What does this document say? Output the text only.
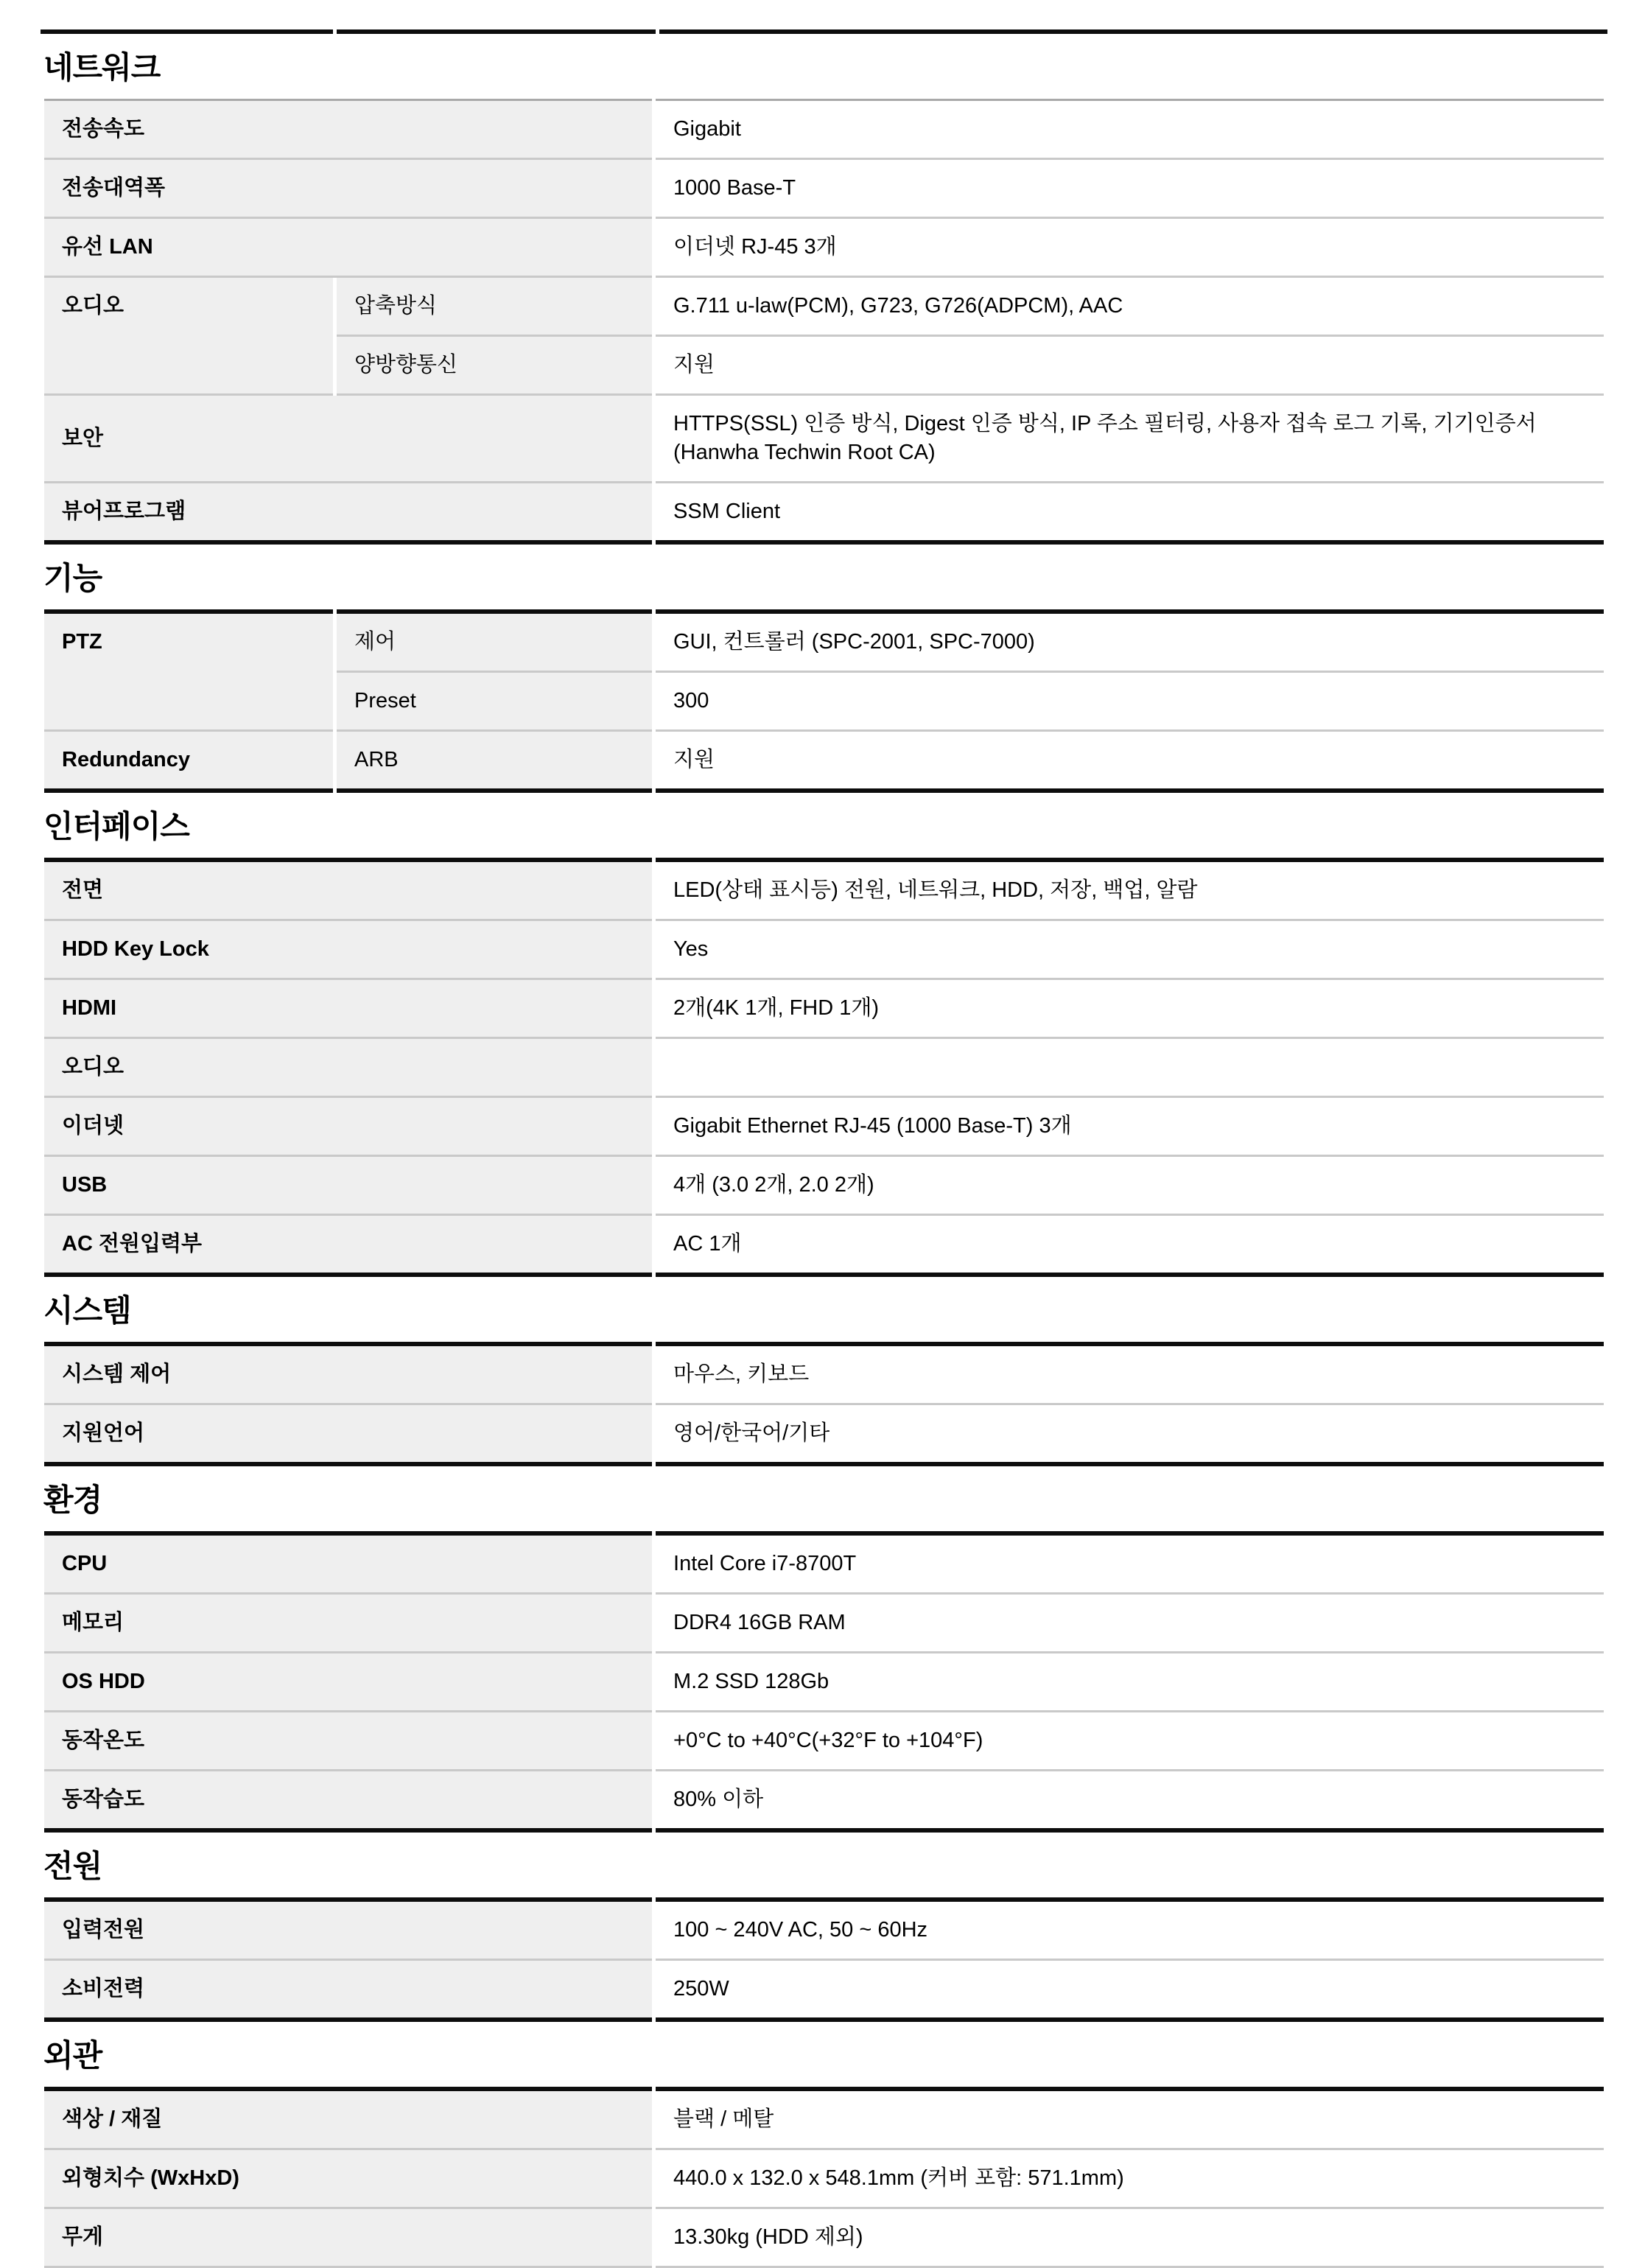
네트워크
전송속도		Gigabit
전송대역폭		1000 Base-T
유선 LAN		이더넷 RJ-45 3개
오디오	압축방식	G.711 u-law(PCM), G723, G726(ADPCM), AAC
	양방향통신	지원
보안		HTTPS(SSL) 인증 방식, Digest 인증 방식, IP 주소 필터링, 사용자 접속 로그 기록, 기기인증서 (Hanwha Techwin Root CA)
뷰어프로그램		SSM Client
기능
PTZ	제어	GUI, 컨트롤러 (SPC-2001, SPC-7000)
	Preset	300
Redundancy	ARB	지원
인터페이스
전면	LED(상태 표시등) 전원, 네트워크, HDD, 저장, 백업, 알람
HDD Key Lock	Yes
HDMI	2개(4K 1개, FHD 1개)
오디오	
이더넷	Gigabit Ethernet RJ-45 (1000 Base-T) 3개
USB	4개 (3.0 2개, 2.0 2개)
AC 전원입력부	AC 1개
시스템
시스템 제어	마우스, 키보드
지원언어	영어/한국어/기타
환경
CPU	Intel Core i7-8700T
메모리	DDR4 16GB RAM
OS HDD	M.2 SSD 128Gb
동작온도	+0°C to +40°C(+32°F to +104°F)
동작습도	80% 이하
전원
입력전원	100 ~ 240V AC, 50 ~ 60Hz
소비전력	250W
외관
색상 / 재질	블랙 / 메탈
외형치수 (WxHxD)	440.0 x 132.0 x 548.1mm (커버 포함: 571.1mm)
무게	13.30kg (HDD 제외)
